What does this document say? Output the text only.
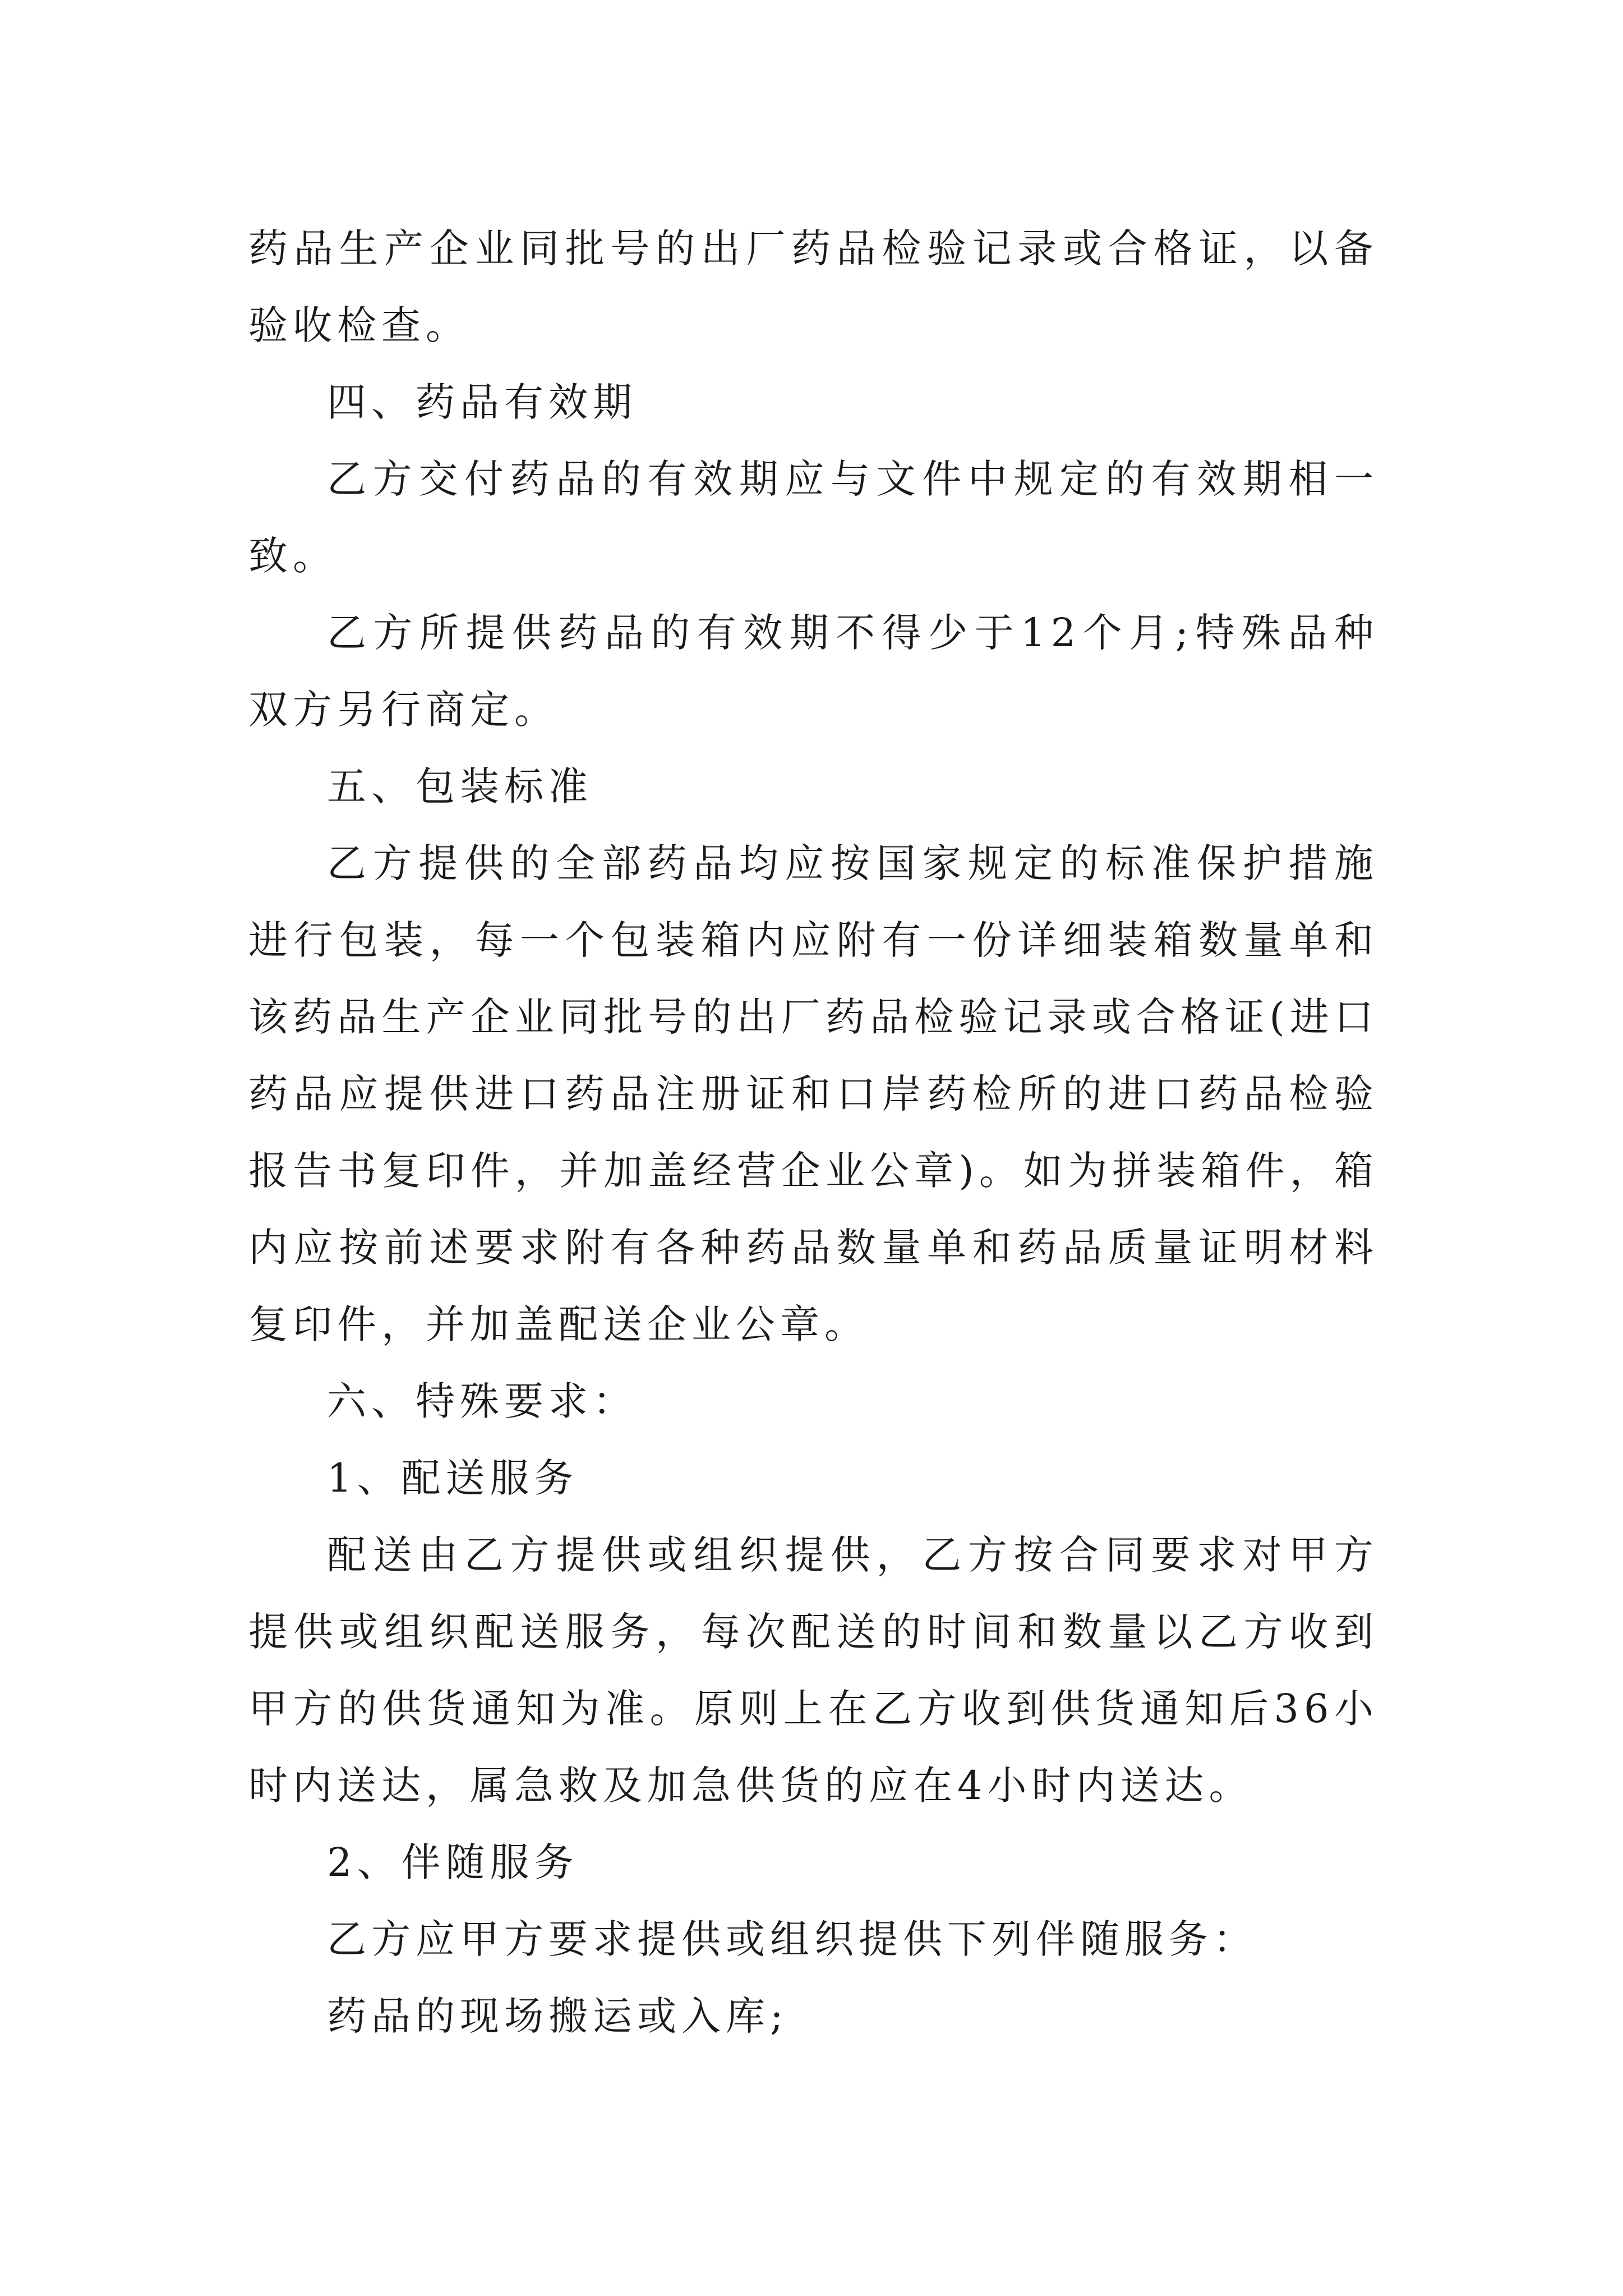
药品生产企业同批号的出厂药品检验记录或合格证，以备验收检查。

四、药品有效期

乙方交付药品的有效期应与文件中规定的有效期相一致。

乙方所提供药品的有效期不得少于12个月;特殊品种双方另行商定。

五、包装标准

乙方提供的全部药品均应按国家规定的标准保护措施进行包装，每一个包装箱内应附有一份详细装箱数量单和该药品生产企业同批号的出厂药品检验记录或合格证(进口药品应提供进口药品注册证和口岸药检所的进口药品检验报告书复印件，并加盖经营企业公章)。如为拼装箱件，箱内应按前述要求附有各种药品数量单和药品质量证明材料复印件，并加盖配送企业公章。

六、特殊要求：

1、配送服务

配送由乙方提供或组织提供，乙方按合同要求对甲方提供或组织配送服务，每次配送的时间和数量以乙方收到甲方的供货通知为准。原则上在乙方收到供货通知后36小时内送达，属急救及加急供货的应在4小时内送达。

2、伴随服务

乙方应甲方要求提供或组织提供下列伴随服务：

药品的现场搬运或入库;
